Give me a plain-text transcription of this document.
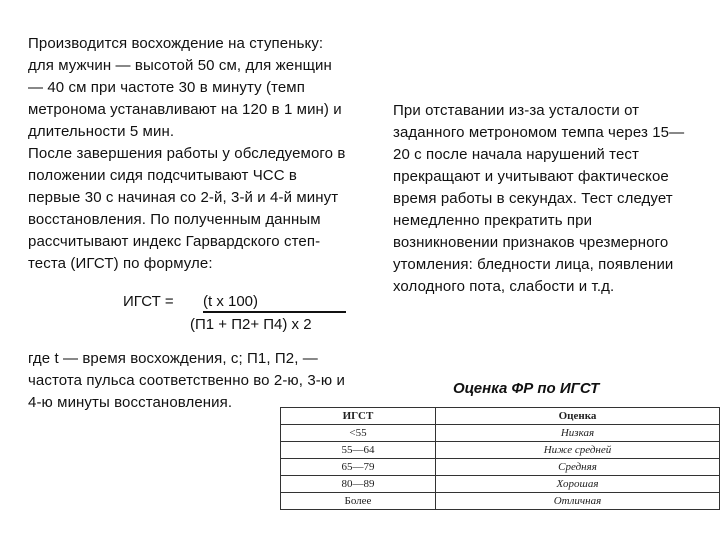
Производится восхождение на ступеньку:
для мужчин — высотой 50 см, для женщин
— 40 см при частоте 30 в минуту (темп
метронома устанавливают на 120 в 1 мин) и
длительности 5 мин.
После завершения работы у обследуемого в
положении сидя подсчитывают ЧСС в
первые 30 с начиная со 2-й, 3-й и 4-й минут
восстановления. По полученным данным
рассчитывают индекс Гарвардского степ-
теста (ИГСТ) по формуле:
ИГСТ = (t x 100)
(П1 + П2+ П4) х 2
где t — время восхождения, с; П1, П2, —
частота пульса соответственно во 2-ю, 3-ю и
4-ю минуты восстановления.
При отставании из-за усталости от
заданного метрономом темпа через 15—
20 с после начала нарушений тест
прекращают и учитывают фактическое
время работы в секундах. Тест следует
немедленно прекратить при
возникновении признаков чрезмерного
утомления: бледности лица, появлении
холодного пота, слабости и т.д.
Оценка ФР по ИГСТ
ИГСТ	Оценка
<55	Низкая
55—64	Ниже средней
65—79	Средняя
80—89	Хорошая
Более	Отличная
